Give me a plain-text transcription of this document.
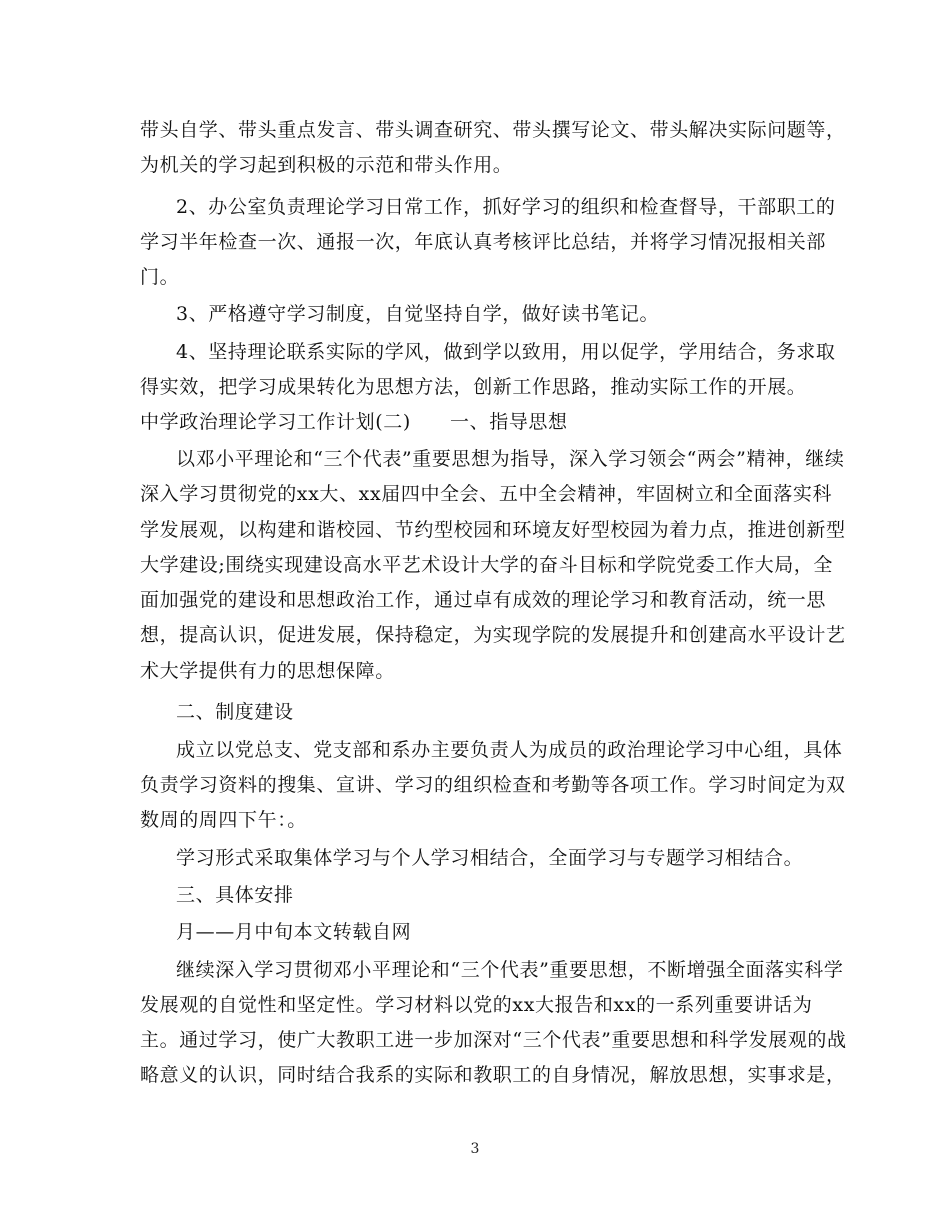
带头自学、带头重点发言、带头调查研究、带头撰写论文、带头解决实际问题等，
为机关的学习起到积极的示范和带头作用。
2、办公室负责理论学习日常工作，抓好学习的组织和检查督导，干部职工的
学习半年检查一次、通报一次，年底认真考核评比总结，并将学习情况报相关部
门。
3、严格遵守学习制度，自觉坚持自学，做好读书笔记。
4、坚持理论联系实际的学风，做到学以致用，用以促学，学用结合，务求取
得实效，把学习成果转化为思想方法，创新工作思路，推动实际工作的开展。
中学政治理论学习工作计划(二)　　一、指导思想
以邓小平理论和“三个代表”重要思想为指导，深入学习领会“两会”精神，继续
深入学习贯彻党的xx大、xx届四中全会、五中全会精神，牢固树立和全面落实科
学发展观，以构建和谐校园、节约型校园和环境友好型校园为着力点，推进创新型
大学建设;围绕实现建设高水平艺术设计大学的奋斗目标和学院党委工作大局，全
面加强党的建设和思想政治工作，通过卓有成效的理论学习和教育活动，统一思
想，提高认识，促进发展，保持稳定，为实现学院的发展提升和创建高水平设计艺
术大学提供有力的思想保障。
二、制度建设
成立以党总支、党支部和系办主要负责人为成员的政治理论学习中心组，具体
负责学习资料的搜集、宣讲、学习的组织检查和考勤等各项工作。学习时间定为双
数周的周四下午：。
学习形式采取集体学习与个人学习相结合，全面学习与专题学习相结合。
三、具体安排
月——月中旬本文转载自网
继续深入学习贯彻邓小平理论和“三个代表”重要思想，不断增强全面落实科学
发展观的自觉性和坚定性。学习材料以党的xx大报告和xx的一系列重要讲话为
主。通过学习，使广大教职工进一步加深对“三个代表”重要思想和科学发展观的战
略意义的认识，同时结合我系的实际和教职工的自身情况，解放思想，实事求是，
3
